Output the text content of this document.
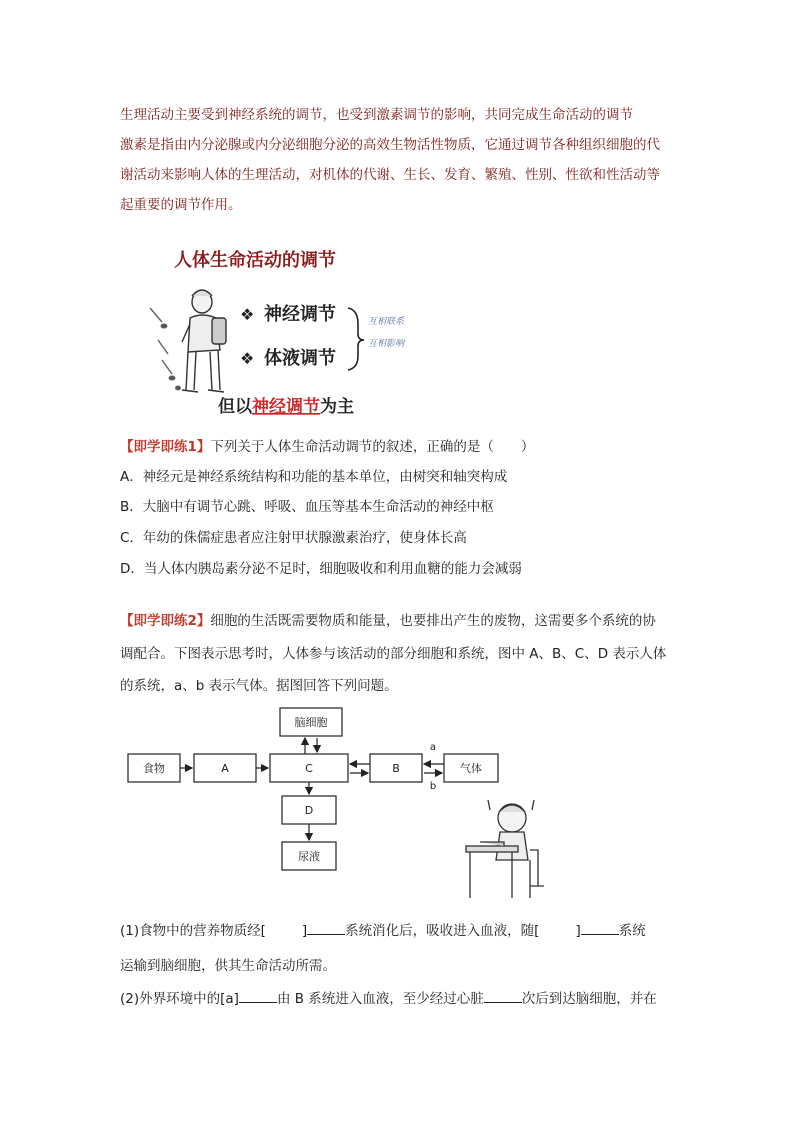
生理活动主要受到神经系统的调节，也受到激素调节的影响，共同完成生命活动的调节
激素是指由内分泌腺或内分泌细胞分泌的高效生物活性物质，它通过调节各种组织细胞的代
谢活动来影响人体的生理活动，对机体的代谢、生长、发育、繁殖、性别、性欲和性活动等
起重要的调节作用。
人体生命活动的调节
❖ 神经调节
❖ 体液调节
互相联系
互相影响
但以神经调节为主
【即学即练1】下列关于人体生命活动调节的叙述，正确的是（　　）
A．神经元是神经系统结构和功能的基本单位，由树突和轴突构成
B．大脑中有调节心跳、呼吸、血压等基本生命活动的神经中枢
C．年幼的侏儒症患者应注射甲状腺激素治疗，使身体长高
D．当人体内胰岛素分泌不足时，细胞吸收和利用血糖的能力会减弱
【即学即练2】细胞的生活既需要物质和能量，也要排出产生的废物，这需要多个系统的协
调配合。下图表示思考时，人体参与该活动的部分细胞和系统，图中 A、B、C、D 表示人体
的系统，a、b 表示气体。据图回答下列问题。
脑细胞
食物	A	C	B	气体
D
尿液
a
b
(1)食物中的营养物质经[	]	系统消化后，吸收进入血液，随[	]	系统
运输到脑细胞，供其生命活动所需。
(2)外界环境中的[a]	由 B 系统进入血液，至少经过心脏	次后到达脑细胞，并在
